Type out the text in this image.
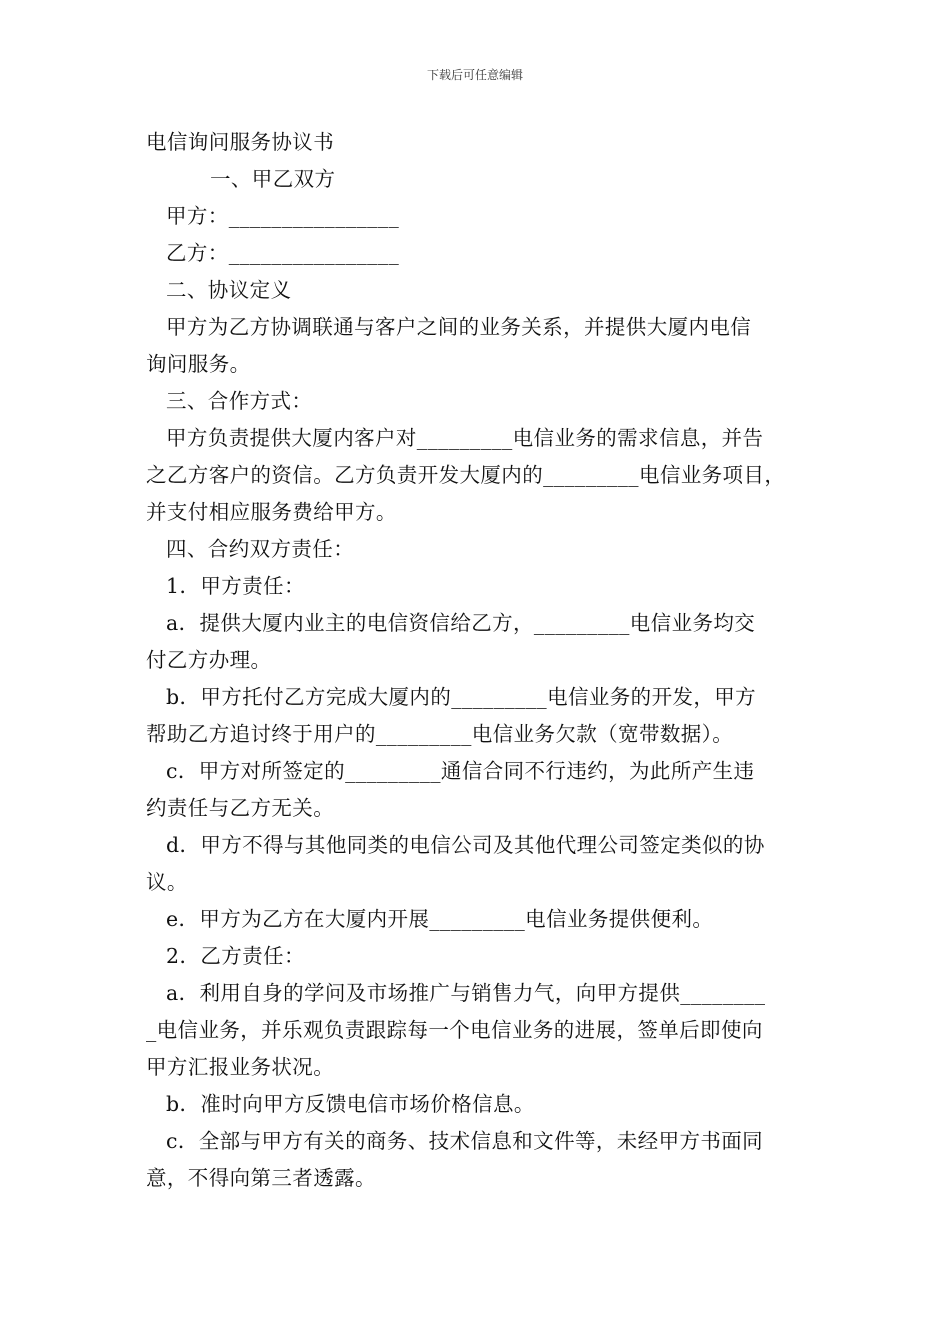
下载后可任意编辑

电信询问服务协议书

一、甲乙双方

甲方：________________

乙方：________________

二、协议定义

甲方为乙方协调联通与客户之间的业务关系，并提供大厦内电信

询问服务。

三、合作方式：

甲方负责提供大厦内客户对_________电信业务的需求信息，并告

之乙方客户的资信。乙方负责开发大厦内的_________电信业务项目，

并支付相应服务费给甲方。

四、合约双方责任：

1．甲方责任：

a．提供大厦内业主的电信资信给乙方，_________电信业务均交

付乙方办理。

b．甲方托付乙方完成大厦内的_________电信业务的开发，甲方

帮助乙方追讨终于用户的_________电信业务欠款（宽带数据）。

c．甲方对所签定的_________通信合同不行违约，为此所产生违

约责任与乙方无关。

d．甲方不得与其他同类的电信公司及其他代理公司签定类似的协

议。

e．甲方为乙方在大厦内开展_________电信业务提供便利。

2．乙方责任：

a．利用自身的学问及市场推广与销售力气，向甲方提供________

_电信业务，并乐观负责跟踪每一个电信业务的进展，签单后即使向

甲方汇报业务状况。

b．准时向甲方反馈电信市场价格信息。

c．全部与甲方有关的商务、技术信息和文件等，未经甲方书面同

意，不得向第三者透露。
